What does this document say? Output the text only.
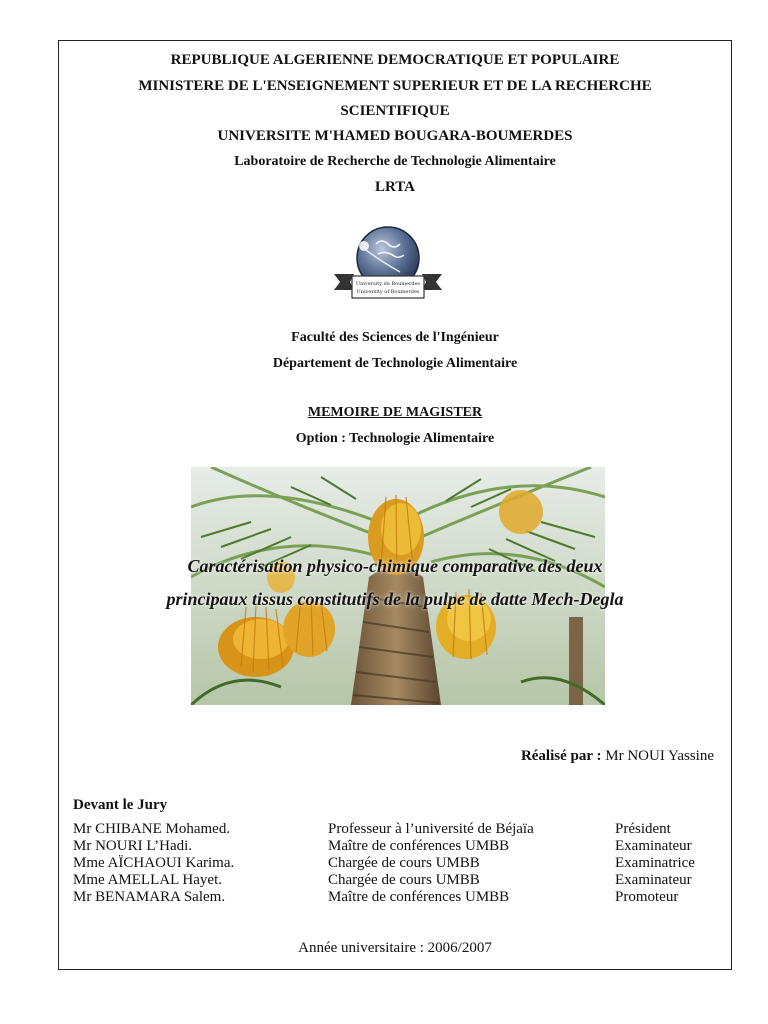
REPUBLIQUE ALGERIENNE DEMOCRATIQUE ET POPULAIRE
MINISTERE DE L'ENSEIGNEMENT SUPERIEUR ET DE LA RECHERCHE
SCIENTIFIQUE
UNIVERSITE M'HAMED BOUGARA-BOUMERDES
Laboratoire de Recherche de Technologie Alimentaire
LRTA
University de Boumerdes
University of Boumerdes
Faculté des Sciences de l'Ingénieur
Département de Technologie Alimentaire
MEMOIRE DE MAGISTER
Option : Technologie Alimentaire
Caractérisation physico-chimique comparative des deux
principaux tissus constitutifs de la pulpe de datte Mech-Degla
Réalisé par : Mr NOUI Yassine
Devant le Jury
Mr CHIBANE Mohamed.	Professeur à l’université de Béjaïa	Président
Mr NOURI L’Hadi.	Maître de conférences UMBB	Examinateur
Mme AÏCHAOUI Karima.	Chargée de cours UMBB	Examinatrice
Mme AMELLAL Hayet.	Chargée de cours UMBB	Examinateur
Mr BENAMARA Salem.	Maître de conférences UMBB	Promoteur
Année universitaire : 2006/2007
